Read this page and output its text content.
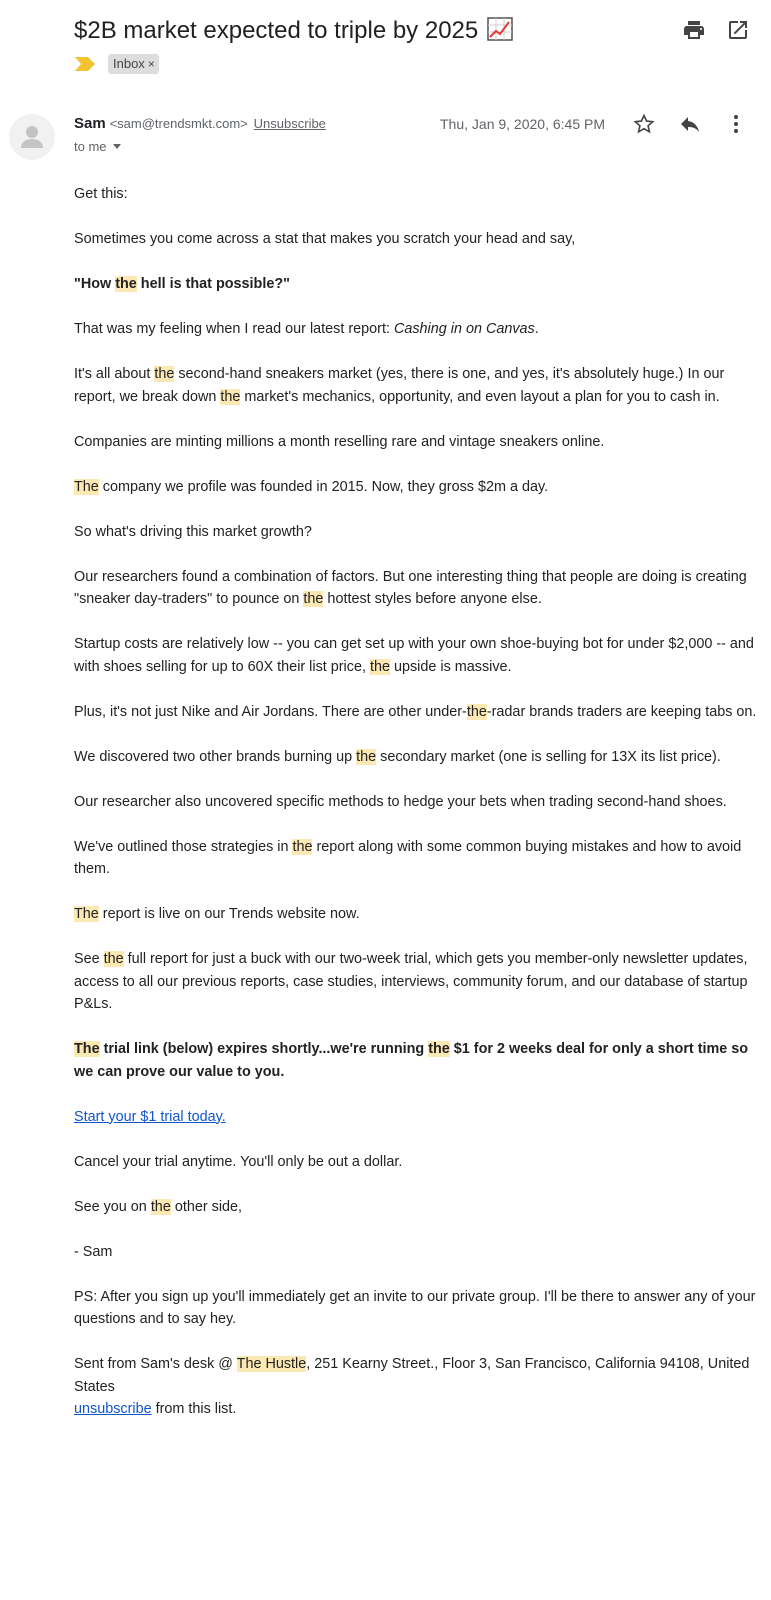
$2B market expected to triple by 2025
Inbox ×
Sam <sam@trendsmkt.com> Unsubscribe
to me
Thu, Jan 9, 2020, 6:45 PM

Get this:

Sometimes you come across a stat that makes you scratch your head and say,

"How the hell is that possible?"

That was my feeling when I read our latest report: Cashing in on Canvas.

It's all about the second-hand sneakers market (yes, there is one, and yes, it's absolutely huge.) In our report, we break down the market's mechanics, opportunity, and even layout a plan for you to cash in.

Companies are minting millions a month reselling rare and vintage sneakers online.

The company we profile was founded in 2015. Now, they gross $2m a day.

So what's driving this market growth?

Our researchers found a combination of factors. But one interesting thing that people are doing is creating "sneaker day-traders" to pounce on the hottest styles before anyone else.

Startup costs are relatively low -- you can get set up with your own shoe-buying bot for under $2,000 -- and with shoes selling for up to 60X their list price, the upside is massive.

Plus, it's not just Nike and Air Jordans. There are other under-the-radar brands traders are keeping tabs on.

We discovered two other brands burning up the secondary market (one is selling for 13X its list price).

Our researcher also uncovered specific methods to hedge your bets when trading second-hand shoes.

We've outlined those strategies in the report along with some common buying mistakes and how to avoid them.

The report is live on our Trends website now.

See the full report for just a buck with our two-week trial, which gets you member-only newsletter updates, access to all our previous reports, case studies, interviews, community forum, and our database of startup P&Ls.

The trial link (below) expires shortly...we're running the $1 for 2 weeks deal for only a short time so we can prove our value to you.

Start your $1 trial today.

Cancel your trial anytime. You'll only be out a dollar.

See you on the other side,

- Sam

PS: After you sign up you'll immediately get an invite to our private group. I'll be there to answer any of your questions and to say hey.

Sent from Sam's desk @ The Hustle, 251 Kearny Street., Floor 3, San Francisco, California 94108, United States
unsubscribe from this list.
